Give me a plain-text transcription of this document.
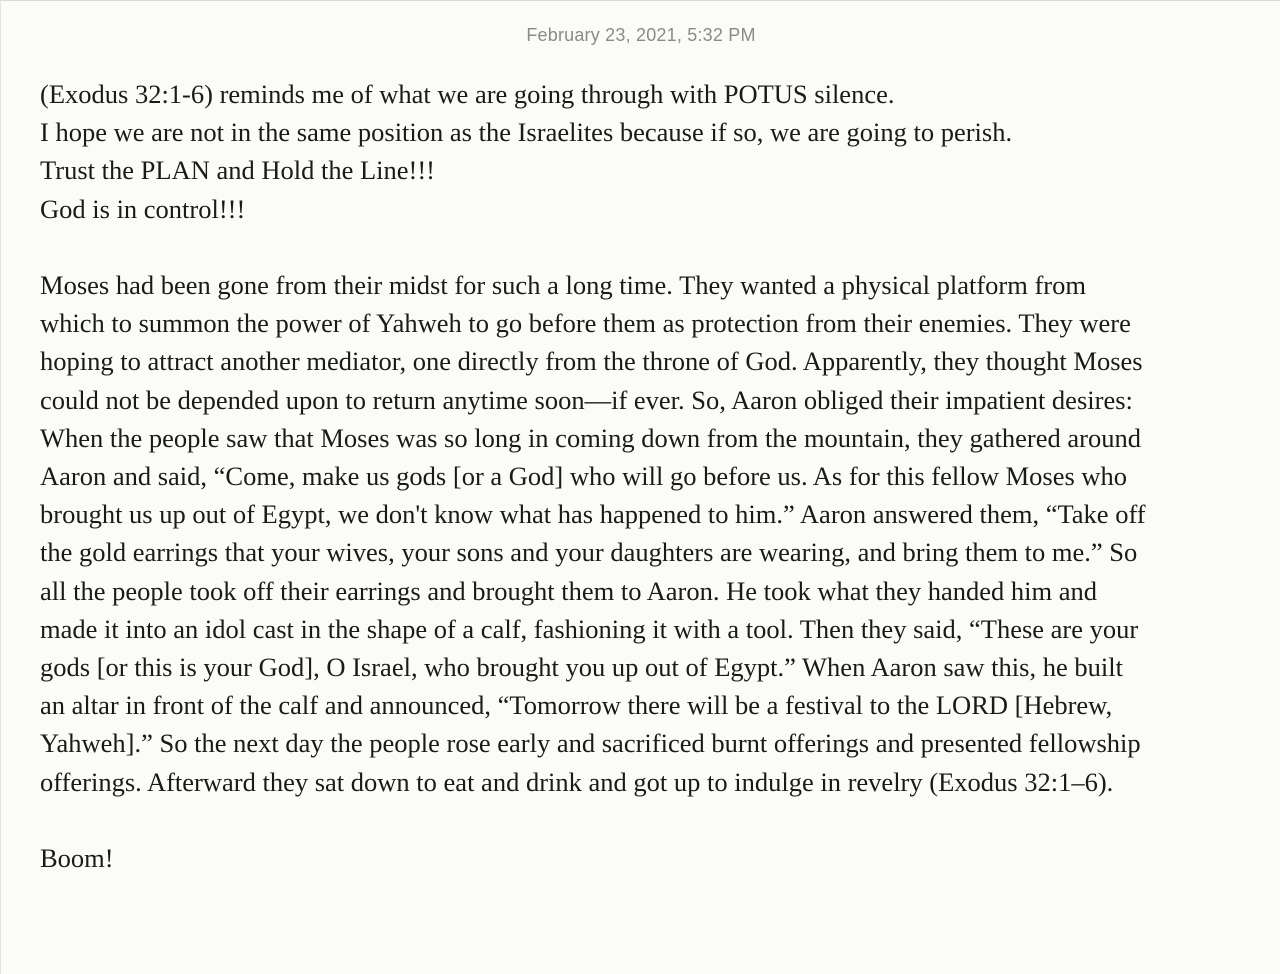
February 23, 2021, 5:32 PM

(Exodus 32:1-6) reminds me of what we are going through with POTUS silence.
I hope we are not in the same position as the Israelites because if so, we are going to perish.
Trust the PLAN and Hold the Line!!!
God is in control!!!

Moses had been gone from their midst for such a long time. They wanted a physical platform from
which to summon the power of Yahweh to go before them as protection from their enemies. They were
hoping to attract another mediator, one directly from the throne of God. Apparently, they thought Moses
could not be depended upon to return anytime soon—if ever. So, Aaron obliged their impatient desires:
When the people saw that Moses was so long in coming down from the mountain, they gathered around
Aaron and said, “Come, make us gods [or a God] who will go before us. As for this fellow Moses who
brought us up out of Egypt, we don't know what has happened to him.” Aaron answered them, “Take off
the gold earrings that your wives, your sons and your daughters are wearing, and bring them to me.” So
all the people took off their earrings and brought them to Aaron. He took what they handed him and
made it into an idol cast in the shape of a calf, fashioning it with a tool. Then they said, “These are your
gods [or this is your God], O Israel, who brought you up out of Egypt.” When Aaron saw this, he built
an altar in front of the calf and announced, “Tomorrow there will be a festival to the LORD [Hebrew,
Yahweh].” So the next day the people rose early and sacrificed burnt offerings and presented fellowship
offerings. Afterward they sat down to eat and drink and got up to indulge in revelry (Exodus 32:1–6).

Boom!
